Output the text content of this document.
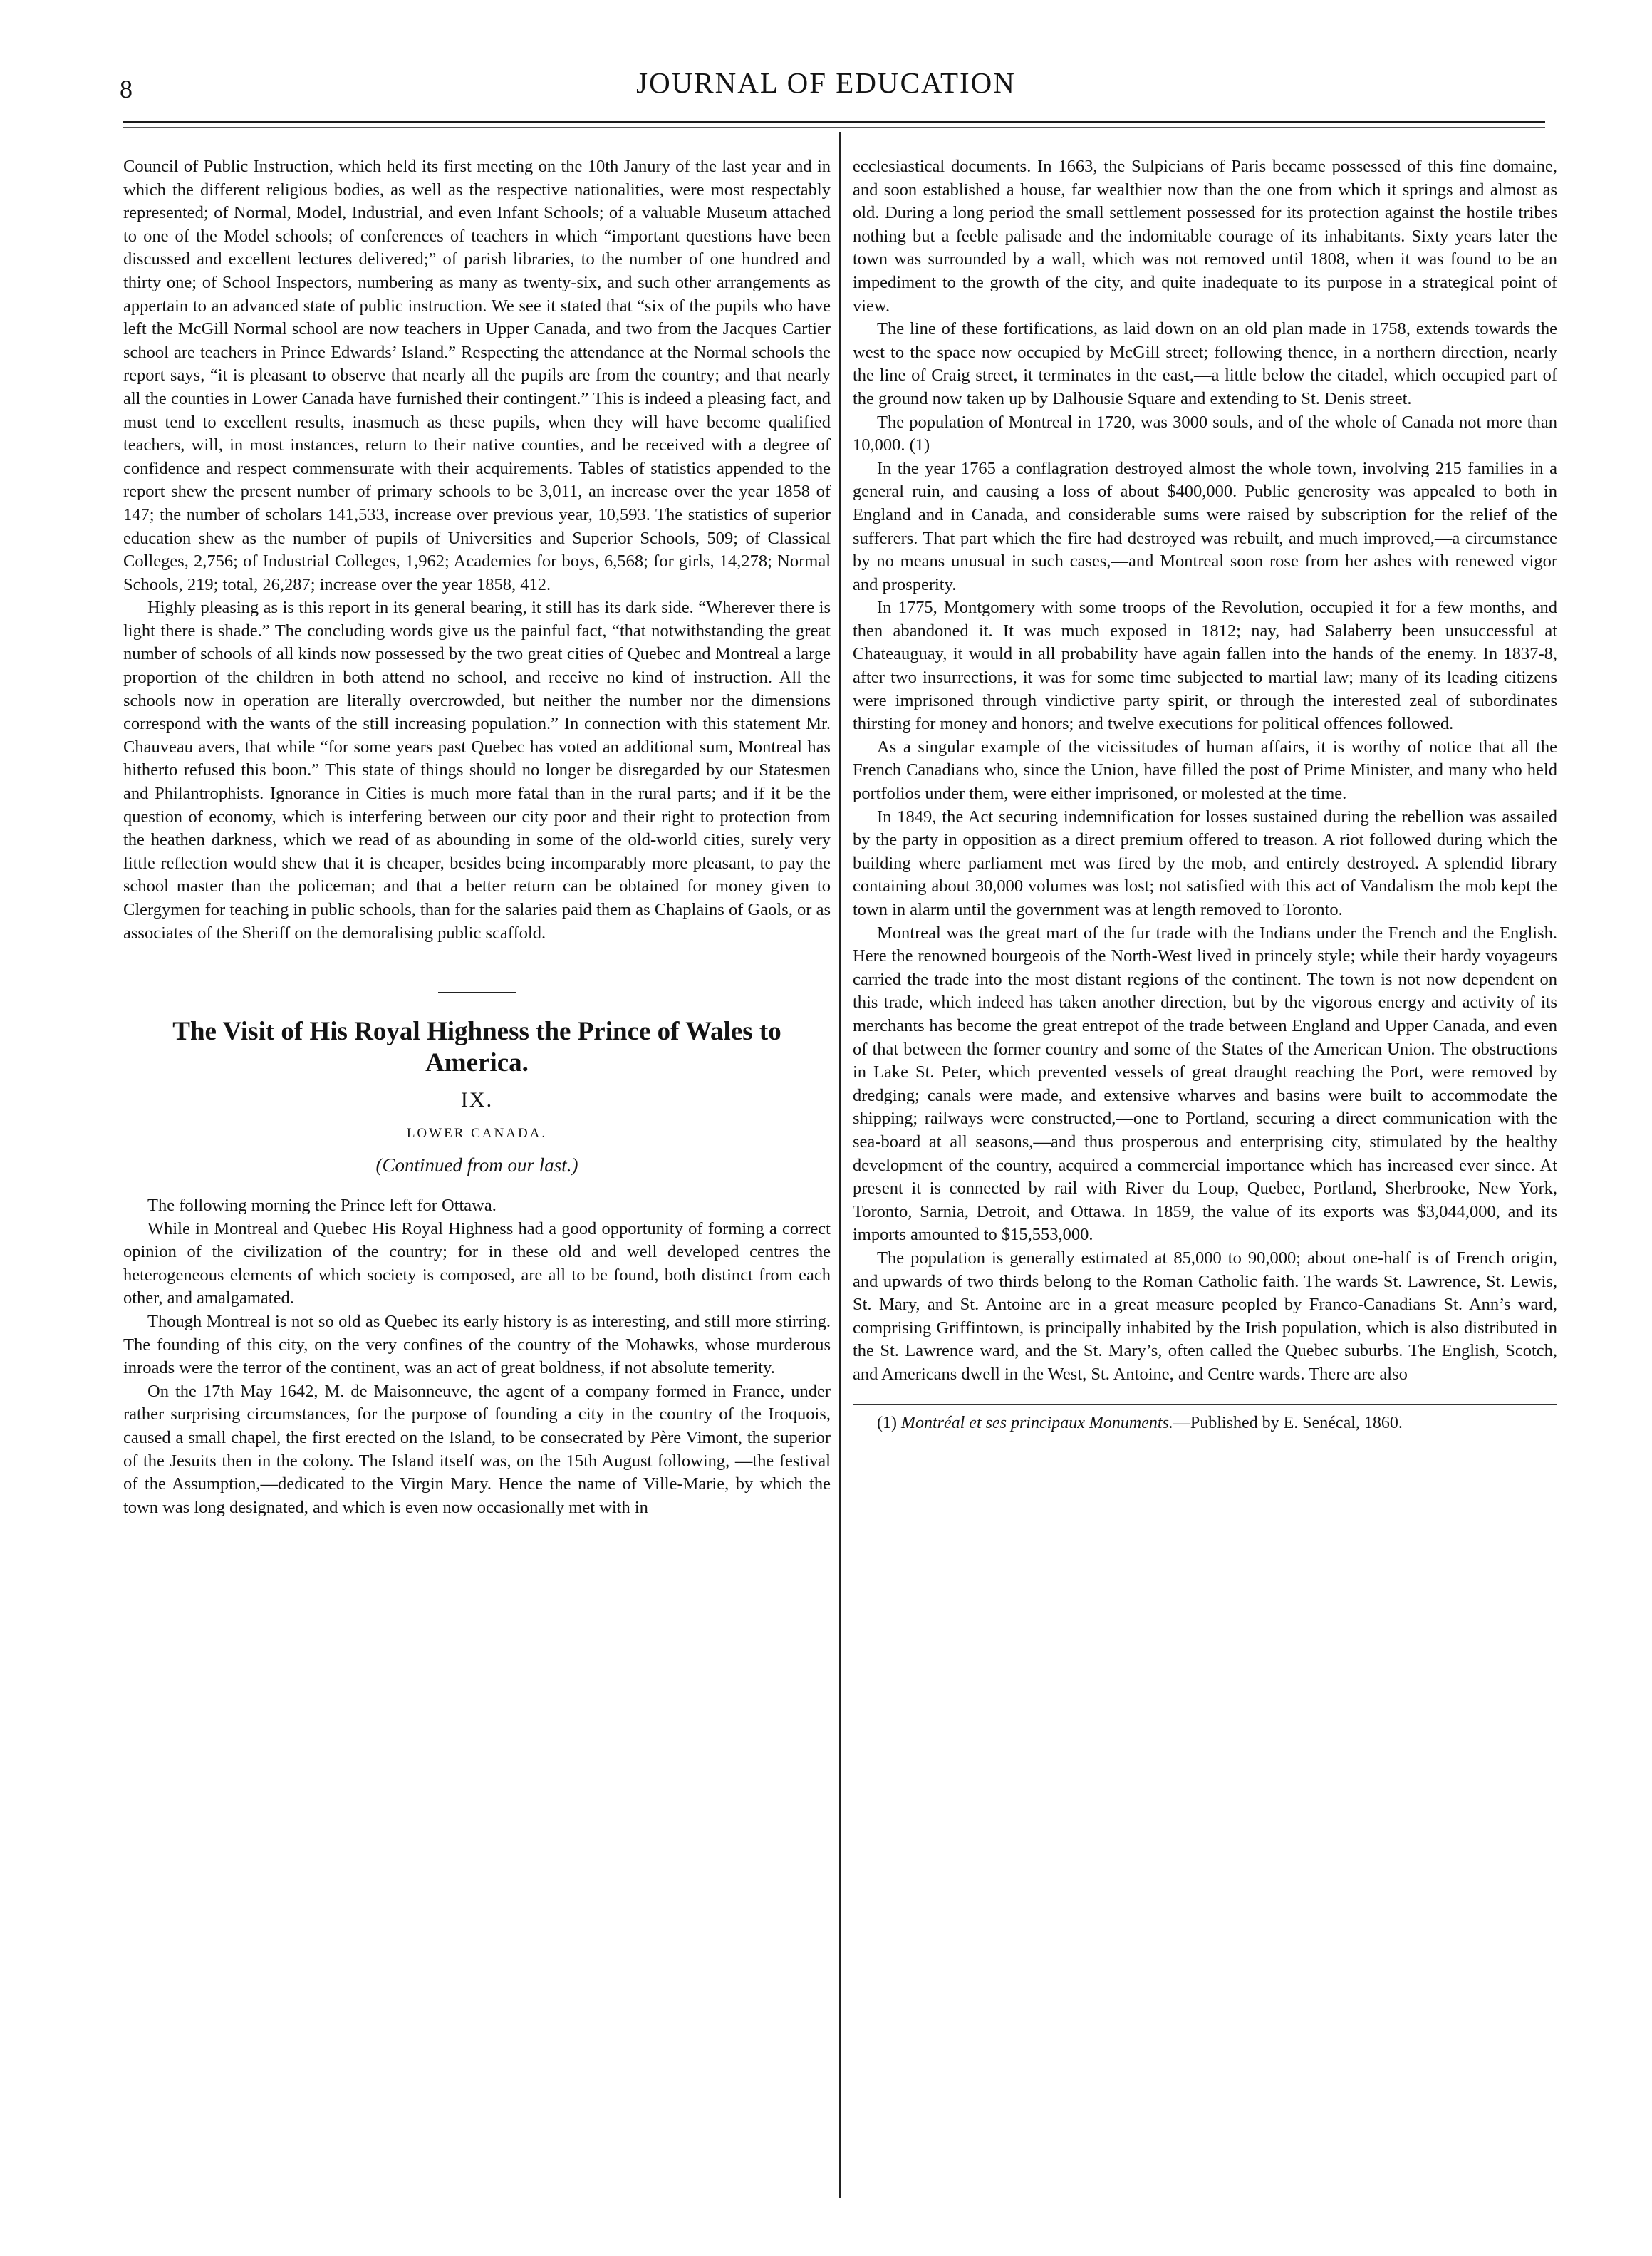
8	JOURNAL OF EDUCATION

Council of Public Instruction, which held its first meeting on the 10th Janury of the last year and in which the different religious bodies, as well as the respective nationalities, were most respectably represented; of Normal, Model, Industrial, and even Infant Schools; of a valuable Museum attached to one of the Model schools; of conferences of teachers in which “important questions have been discussed and excellent lectures delivered;” of parish libraries, to the number of one hundred and thirty one; of School Inspectors, numbering as many as twenty-six, and such other arrangements as appertain to an advanced state of public instruction. We see it stated that “six of the pupils who have left the McGill Normal school are now teachers in Upper Canada, and two from the Jacques Cartier school are teachers in Prince Edwards’ Island.” Respecting the attendance at the Normal schools the report says, “it is pleasant to observe that nearly all the pupils are from the country; and that nearly all the counties in Lower Canada have furnished their contingent.” This is indeed a pleasing fact, and must tend to excellent results, inasmuch as these pupils, when they will have become qualified teachers, will, in most instances, return to their native counties, and be received with a degree of confidence and respect commensurate with their acquirements. Tables of statistics appended to the report shew the present number of primary schools to be 3,011, an increase over the year 1858 of 147; the number of scholars 141,533, increase over previous year, 10,593. The statistics of superior education shew as the number of pupils of Universities and Superior Schools, 509; of Classical Colleges, 2,756; of Industrial Colleges, 1,962; Academies for boys, 6,568; for girls, 14,278; Normal Schools, 219; total, 26,287; increase over the year 1858, 412.

Highly pleasing as is this report in its general bearing, it still has its dark side. “Wherever there is light there is shade.” The concluding words give us the painful fact, “that notwithstanding the great number of schools of all kinds now possessed by the two great cities of Quebec and Montreal a large proportion of the children in both attend no school, and receive no kind of instruction. All the schools now in operation are literally overcrowded, but neither the number nor the dimensions correspond with the wants of the still increasing population.” In connection with this statement Mr. Chauveau avers, that while “for some years past Quebec has voted an additional sum, Montreal has hitherto refused this boon.” This state of things should no longer be disregarded by our Statesmen and Philantrophists. Ignorance in Cities is much more fatal than in the rural parts; and if it be the question of economy, which is interfering between our city poor and their right to protection from the heathen darkness, which we read of as abounding in some of the old-world cities, surely very little reflection would shew that it is cheaper, besides being incomparably more pleasant, to pay the school master than the policeman; and that a better return can be obtained for money given to Clergymen for teaching in public schools, than for the salaries paid them as Chaplains of Gaols, or as associates of the Sheriff on the demoralising public scaffold.

The Visit of His Royal Highness the Prince of Wales to America.
IX.
LOWER CANADA.
(Continued from our last.)

The following morning the Prince left for Ottawa.

While in Montreal and Quebec His Royal Highness had a good opportunity of forming a correct opinion of the civilization of the country; for in these old and well developed centres the heterogeneous elements of which society is composed, are all to be found, both distinct from each other, and amalgamated.

Though Montreal is not so old as Quebec its early history is as interesting, and still more stirring. The founding of this city, on the very confines of the country of the Mohawks, whose murderous inroads were the terror of the continent, was an act of great boldness, if not absolute temerity.

On the 17th May 1642, M. de Maisonneuve, the agent of a company formed in France, under rather surprising circumstances, for the purpose of founding a city in the country of the Iroquois, caused a small chapel, the first erected on the Island, to be consecrated by Père Vimont, the superior of the Jesuits then in the colony. The Island itself was, on the 15th August following, —the festival of the Assumption,—dedicated to the Virgin Mary. Hence the name of Ville-Marie, by which the town was long designated, and which is even now occasionally met with in

ecclesiastical documents. In 1663, the Sulpicians of Paris became possessed of this fine domaine, and soon established a house, far wealthier now than the one from which it springs and almost as old. During a long period the small settlement possessed for its protection against the hostile tribes nothing but a feeble palisade and the indomitable courage of its inhabitants. Sixty years later the town was surrounded by a wall, which was not removed until 1808, when it was found to be an impediment to the growth of the city, and quite inadequate to its purpose in a strategical point of view.

The line of these fortifications, as laid down on an old plan made in 1758, extends towards the west to the space now occupied by McGill street; following thence, in a northern direction, nearly the line of Craig street, it terminates in the east,—a little below the citadel, which occupied part of the ground now taken up by Dalhousie Square and extending to St. Denis street.

The population of Montreal in 1720, was 3000 souls, and of the whole of Canada not more than 10,000. (1)

In the year 1765 a conflagration destroyed almost the whole town, involving 215 families in a general ruin, and causing a loss of about $400,000. Public generosity was appealed to both in England and in Canada, and considerable sums were raised by subscription for the relief of the sufferers. That part which the fire had destroyed was rebuilt, and much improved,—a circumstance by no means unusual in such cases,—and Montreal soon rose from her ashes with renewed vigor and prosperity.

In 1775, Montgomery with some troops of the Revolution, occupied it for a few months, and then abandoned it. It was much exposed in 1812; nay, had Salaberry been unsuccessful at Chateauguay, it would in all probability have again fallen into the hands of the enemy. In 1837-8, after two insurrections, it was for some time subjected to martial law; many of its leading citizens were imprisoned through vindictive party spirit, or through the interested zeal of subordinates thirsting for money and honors; and twelve executions for political offences followed.

As a singular example of the vicissitudes of human affairs, it is worthy of notice that all the French Canadians who, since the Union, have filled the post of Prime Minister, and many who held portfolios under them, were either imprisoned, or molested at the time.

In 1849, the Act securing indemnification for losses sustained during the rebellion was assailed by the party in opposition as a direct premium offered to treason. A riot followed during which the building where parliament met was fired by the mob, and entirely destroyed. A splendid library containing about 30,000 volumes was lost; not satisfied with this act of Vandalism the mob kept the town in alarm until the government was at length removed to Toronto.

Montreal was the great mart of the fur trade with the Indians under the French and the English. Here the renowned bourgeois of the North-West lived in princely style; while their hardy voyageurs carried the trade into the most distant regions of the continent. The town is not now dependent on this trade, which indeed has taken another direction, but by the vigorous energy and activity of its merchants has become the great entrepot of the trade between England and Upper Canada, and even of that between the former country and some of the States of the American Union. The obstructions in Lake St. Peter, which prevented vessels of great draught reaching the Port, were removed by dredging; canals were made, and extensive wharves and basins were built to accommodate the shipping; railways were constructed,—one to Portland, securing a direct communication with the sea-board at all seasons,—and thus prosperous and enterprising city, stimulated by the healthy development of the country, acquired a commercial importance which has increased ever since. At present it is connected by rail with River du Loup, Quebec, Portland, Sherbrooke, New York, Toronto, Sarnia, Detroit, and Ottawa. In 1859, the value of its exports was $3,044,000, and its imports amounted to $15,553,000.

The population is generally estimated at 85,000 to 90,000; about one-half is of French origin, and upwards of two thirds belong to the Roman Catholic faith. The wards St. Lawrence, St. Lewis, St. Mary, and St. Antoine are in a great measure peopled by Franco-Canadians St. Ann’s ward, comprising Griffintown, is principally inhabited by the Irish population, which is also distributed in the St. Lawrence ward, and the St. Mary’s, often called the Quebec suburbs. The English, Scotch, and Americans dwell in the West, St. Antoine, and Centre wards. There are also

(1) Montréal et ses principaux Monuments.—Published by E. Senécal, 1860.
